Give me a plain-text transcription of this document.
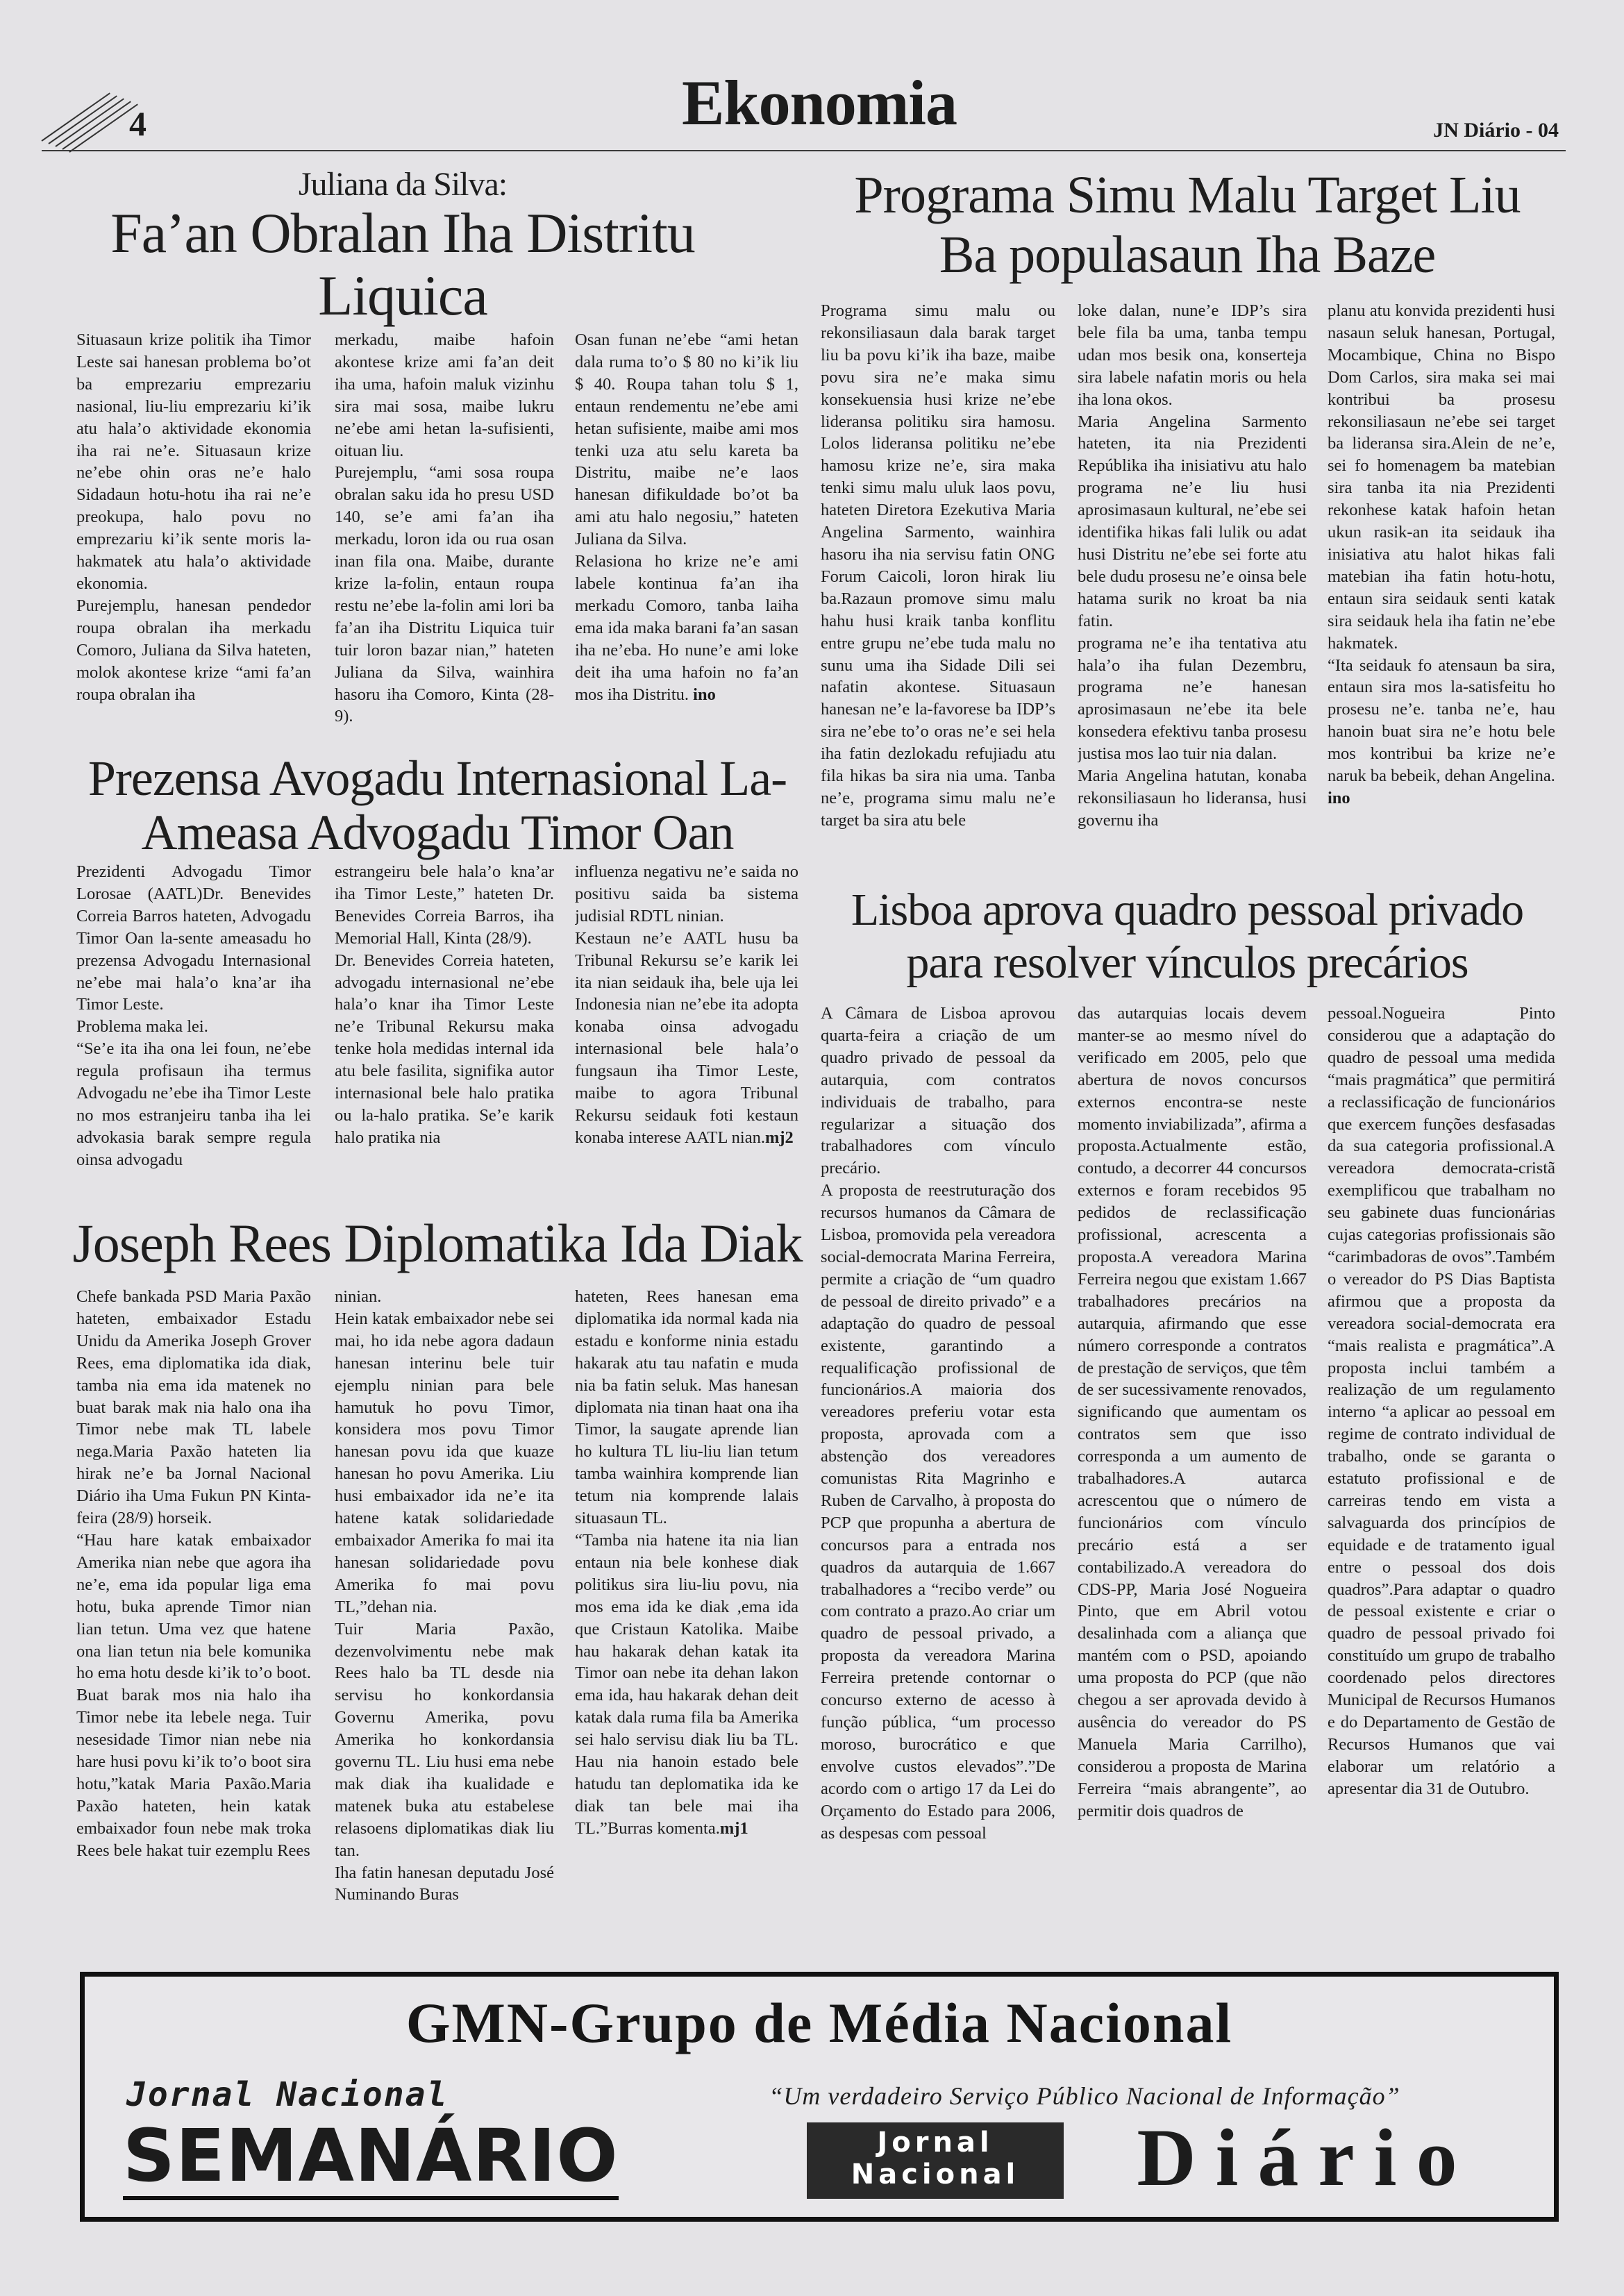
4	Ekonomia	JN Diário - 04
Juliana da Silva:
Fa’an Obralan Iha Distritu
Liquica

Situasaun krize politik iha Timor Leste sai hanesan problema bo’ot ba emprezariu emprezariu nasional, liu-liu emprezariu ki’ik atu hala’o aktividade ekonomia iha rai ne’e. Situasaun krize ne’ebe ohin oras ne’e halo Sidadaun hotu-hotu iha rai ne’e preokupa, halo povu no emprezariu ki’ik sente moris la-hakmatek atu hala’o aktividade ekonomia.
Purejemplu, hanesan pendedor roupa obralan iha merkadu Comoro, Juliana da Silva hateten, molok akontese krize “ami fa’an roupa obralan iha

merkadu, maibe hafoin akontese krize ami fa’an deit iha uma, hafoin maluk vizinhu sira mai sosa, maibe lukru ne’ebe ami hetan la-sufisienti, oituan liu.
Purejemplu, “ami sosa roupa obralan saku ida ho presu USD 140, se’e ami fa’an iha merkadu, loron ida ou rua osan inan fila ona. Maibe, durante krize la-folin, entaun roupa restu ne’ebe la-folin ami lori ba fa’an iha Distritu Liquica tuir tuir loron bazar nian,” hateten Juliana da Silva, wainhira hasoru iha Comoro, Kinta (28-9).

Osan funan ne’ebe “ami hetan dala ruma to’o $ 80 no ki’ik liu $ 40. Roupa tahan tolu $ 1, entaun rendementu ne’ebe ami hetan sufisiente, maibe ami mos tenki uza atu selu kareta ba Distritu, maibe ne’e laos hanesan difikuldade bo’ot ba ami atu halo negosiu,” hateten Juliana da Silva.
Relasiona ho krize ne’e ami labele kontinua fa’an iha merkadu Comoro, tanba laiha ema ida maka barani fa’an sasan iha ne’eba. Ho nune’e ami loke deit iha uma hafoin no fa’an mos iha Distritu. ino

Prezensa Avogadu Internasional La-
Ameasa Advogadu Timor Oan

Prezidenti Advogadu Timor Lorosae (AATL)Dr. Benevides Correia Barros hateten, Advogadu Timor Oan la-sente ameasadu ho prezensa Advogadu Internasional ne’ebe mai hala’o kna’ar iha Timor Leste.
Problema maka lei.
“Se’e ita iha ona lei foun, ne’ebe regula profisaun iha termus Advogadu ne’ebe iha Timor Leste no mos estranjeiru tanba iha lei advokasia barak sempre regula oinsa advogadu

estrangeiru bele hala’o kna’ar iha Timor Leste,” hateten Dr. Benevides Correia Barros, iha Memorial Hall, Kinta (28/9).
Dr. Benevides Correia hateten, advogadu internasional ne’ebe hala’o knar iha Timor Leste ne’e Tribunal Rekursu maka tenke hola medidas internal ida atu bele fasilita, signifika autor internasional bele halo pratika ou la-halo pratika. Se’e karik halo pratika nia

influenza negativu ne’e saida no positivu saida ba sistema judisial RDTL ninian.
Kestaun ne’e AATL husu ba Tribunal Rekursu se’e karik lei ita nian seidauk iha, bele uja lei Indonesia nian ne’ebe ita adopta konaba oinsa advogadu internasional bele hala’o fungsaun iha Timor Leste, maibe to agora Tribunal Rekursu seidauk foti kestaun konaba interese AATL nian.mj2

Joseph Rees Diplomatika Ida Diak

Chefe bankada PSD Maria Paxão hateten, embaixador Estadu Unidu da Amerika Joseph Grover Rees, ema diplomatika ida diak, tamba nia ema ida matenek no buat barak mak nia halo ona iha Timor nebe mak TL labele nega.Maria Paxão hateten lia hirak ne’e ba Jornal Nacional Diário iha Uma Fukun PN Kinta-feira (28/9) horseik.
“Hau hare katak embaixador Amerika nian nebe que agora iha ne’e, ema ida popular liga ema hotu, buka aprende Timor nian lian tetun. Uma vez que hatene ona lian tetun nia bele komunika ho ema hotu desde ki’ik to’o boot. Buat barak mos nia halo iha Timor nebe ita lebele nega. Tuir nesesidade Timor nian nebe nia hare husi povu ki’ik to’o boot sira hotu,”katak Maria Paxão.Maria Paxão hateten, hein katak embaixador foun nebe mak troka Rees bele hakat tuir ezemplu Rees

ninian.
Hein katak embaixador nebe sei mai, ho ida nebe agora dadaun hanesan interinu bele tuir ejemplu ninian para bele hamutuk ho povu Timor, konsidera mos povu Timor hanesan povu ida que kuaze hanesan ho povu Amerika. Liu husi embaixador ida ne’e ita hatene katak solidariedade embaixador Amerika fo mai ita hanesan solidariedade povu Amerika fo mai povu TL,”dehan nia.
Tuir Maria Paxão, dezenvolvimentu nebe mak Rees halo ba TL desde nia servisu ho konkordansia Governu Amerika, povu Amerika ho konkordansia governu TL. Liu husi ema nebe mak diak iha kualidade e matenek buka atu estabelese relasoens diplomatikas diak liu tan.
Iha fatin hanesan deputadu José Numinando Buras

hateten, Rees hanesan ema diplomatika ida normal kada nia estadu e konforme ninia estadu hakarak atu tau nafatin e muda nia ba fatin seluk. Mas hanesan diplomata nia tinan haat ona iha Timor, la saugate aprende lian ho kultura TL liu-liu lian tetum tamba wainhira komprende lian tetum nia komprende lalais situasaun TL.
“Tamba nia hatene ita nia lian entaun nia bele konhese diak politikus sira liu-liu povu, nia mos ema ida ke diak ,ema ida que Cristaun Katolika. Maibe hau hakarak dehan katak ita Timor oan nebe ita dehan lakon ema ida, hau hakarak dehan deit katak dala ruma fila ba Amerika sei halo servisu diak liu ba TL. Hau nia hanoin estado bele hatudu tan deplomatika ida ke diak tan bele mai iha TL.”Burras komenta.mj1

Programa Simu Malu Target Liu
Ba populasaun Iha Baze

Programa simu malu ou rekonsiliasaun dala barak target liu ba povu ki’ik iha baze, maibe povu sira ne’e maka simu konsekuensia husi krize ne’ebe lideransa politiku sira hamosu. Lolos lideransa politiku ne’ebe hamosu krize ne’e, sira maka tenki simu malu uluk laos povu, hateten Diretora Ezekutiva Maria Angelina Sarmento, wainhira hasoru iha nia servisu fatin ONG Forum Caicoli, loron hirak liu ba.Razaun promove simu malu hahu husi kraik tanba konflitu entre grupu ne’ebe tuda malu no sunu uma iha Sidade Dili sei nafatin akontese. Situasaun hanesan ne’e la-favorese ba IDP’s sira ne’ebe to’o oras ne’e sei hela iha fatin dezlokadu refujiadu atu fila hikas ba sira nia uma. Tanba ne’e, programa simu malu ne’e target ba sira atu bele

loke dalan, nune’e IDP’s sira bele fila ba uma, tanba tempu udan mos besik ona, konserteja sira labele nafatin moris ou hela iha lona okos.
Maria Angelina Sarmento hateten, ita nia Prezidenti Repúblika iha inisiativu atu halo programa ne’e liu husi aprosimasaun kultural, ne’ebe sei identifika hikas fali lulik ou adat husi Distritu ne’ebe sei forte atu bele dudu prosesu ne’e oinsa bele hatama surik no kroat ba nia fatin.
programa ne’e iha tentativa atu hala’o iha fulan Dezembru, programa ne’e hanesan aprosimasaun ne’ebe ita bele konsedera efektivu tanba prosesu justisa mos lao tuir nia dalan.
Maria Angelina hatutan, konaba rekonsiliasaun ho lideransa, husi governu iha

planu atu konvida prezidenti husi nasaun seluk hanesan, Portugal, Mocambique, China no Bispo Dom Carlos, sira maka sei mai kontribui ba prosesu rekonsiliasaun ne’ebe sei target ba lideransa sira.Alein de ne’e, sei fo homenagem ba matebian sira tanba ita nia Prezidenti rekonhese katak hafoin hetan ukun rasik-an ita seidauk iha inisiativa atu halot hikas fali matebian iha fatin hotu-hotu, entaun sira seidauk senti katak sira seidauk hela iha fatin ne’ebe hakmatek.
“Ita seidauk fo atensaun ba sira, entaun sira mos la-satisfeitu ho prosesu ne’e. tanba ne’e, hau hanoin buat sira ne’e hotu bele mos kontribui ba krize ne’e naruk ba bebeik, dehan Angelina.
ino

Lisboa aprova quadro pessoal privado
para resolver vínculos precários

A Câmara de Lisboa aprovou quarta-feira a criação de um quadro privado de pessoal da autarquia, com contratos individuais de trabalho, para regularizar a situação dos trabalhadores com vínculo precário.
A proposta de reestruturação dos recursos humanos da Câmara de Lisboa, promovida pela vereadora social-democrata Marina Ferreira, permite a criação de “um quadro de pessoal de direito privado” e a adaptação do quadro de pessoal existente, garantindo a requalificação profissional de funcionários.A maioria dos vereadores preferiu votar esta proposta, aprovada com a abstenção dos vereadores comunistas Rita Magrinho e Ruben de Carvalho, à proposta do PCP que propunha a abertura de concursos para a entrada nos quadros da autarquia de 1.667 trabalhadores a “recibo verde” ou com contrato a prazo.Ao criar um quadro de pessoal privado, a proposta da vereadora Marina Ferreira pretende contornar o concurso externo de acesso à função pública, “um processo moroso, burocrático e que envolve custos elevados”.”De acordo com o artigo 17 da Lei do Orçamento do Estado para 2006, as despesas com pessoal

das autarquias locais devem manter-se ao mesmo nível do verificado em 2005, pelo que abertura de novos concursos externos encontra-se neste momento inviabilizada”, afirma a proposta.Actualmente estão, contudo, a decorrer 44 concursos externos e foram recebidos 95 pedidos de reclassificação profissional, acrescenta a proposta.A vereadora Marina Ferreira negou que existam 1.667 trabalhadores precários na autarquia, afirmando que esse número corresponde a contratos de prestação de serviços, que têm de ser sucessivamente renovados, significando que aumentam os contratos sem que isso corresponda a um aumento de trabalhadores.A autarca acrescentou que o número de funcionários com vínculo precário está a ser contabilizado.A vereadora do CDS-PP, Maria José Nogueira Pinto, que em Abril votou desalinhada com a aliança que mantém com o PSD, apoiando uma proposta do PCP (que não chegou a ser aprovada devido à ausência do vereador do PS Manuela Maria Carrilho), considerou a proposta de Marina Ferreira “mais abrangente”, ao permitir dois quadros de

pessoal.Nogueira Pinto considerou que a adaptação do quadro de pessoal uma medida “mais pragmática” que permitirá a reclassificação de funcionários que exercem funções desfasadas da sua categoria profissional.A vereadora democrata-cristã exemplificou que trabalham no seu gabinete duas funcionárias cujas categorias profissionais são “carimbadoras de ovos”.Também o vereador do PS Dias Baptista afirmou que a proposta da vereadora social-democrata era “mais realista e pragmática”.A proposta inclui também a realização de um regulamento interno “a aplicar ao pessoal em regime de contrato individual de trabalho, onde se garanta o estatuto profissional e de carreiras tendo em vista a salvaguarda dos princípios de equidade e de tratamento igual entre o pessoal dos dois quadros”.Para adaptar o quadro de pessoal existente e criar o quadro de pessoal privado foi constituído um grupo de trabalho coordenado pelos directores Municipal de Recursos Humanos e do Departamento de Gestão de Recursos Humanos que vai elaborar um relatório a apresentar dia 31 de Outubro.

GMN-Grupo de Média Nacional
Jornal Nacional	“Um verdadeiro Serviço Público Nacional de Informação”
SEMANÁRIO	Jornal
Nacional	Diário
